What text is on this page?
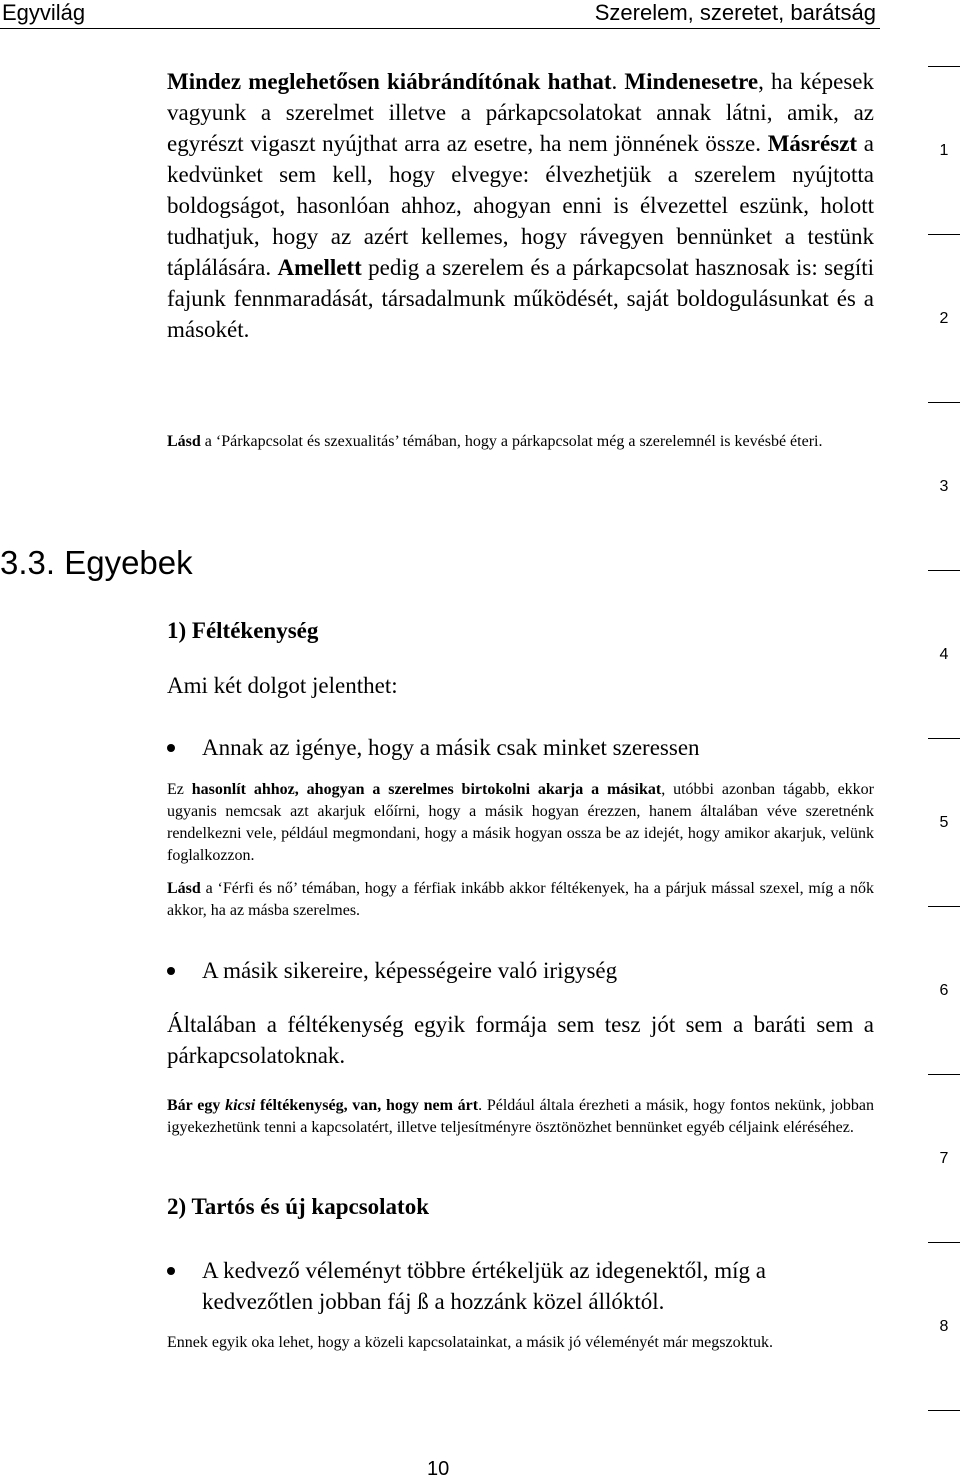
Egyvilág	Szerelem, szeretet, barátság

Mindez meglehetősen kiábrándítónak hathat. Mindenesetre, ha képesek vagyunk a szerelmet illetve a párkapcsolatokat annak látni, amik, az egyrészt vigaszt nyújthat arra az esetre, ha nem jönnének össze. Másrészt a kedvünket sem kell, hogy elvegye: élvezhetjük a szerelem nyújtotta boldogságot, hasonlóan ahhoz, ahogyan enni is élvezettel eszünk, holott tudhatjuk, hogy az azért kellemes, hogy rávegyen bennünket a testünk táplálására. Amellett pedig a szerelem és a párkapcsolat hasznosak is: segíti fajunk fennmaradását, társadalmunk működését, saját boldogulásunkat és a másokét.

Lásd a ‘Párkapcsolat és szexualitás’ témában, hogy a párkapcsolat még a szerelemnél is kevésbé éteri.

3.3. Egyebek
1) Féltékenység
Ami két dolgot jelenthet:
Annak az igénye, hogy a másik csak minket szeressen

Ez hasonlít ahhoz, ahogyan a szerelmes birtokolni akarja a másikat, utóbbi azonban tágabb, ekkor ugyanis nemcsak azt akarjuk előírni, hogy a másik hogyan érezzen, hanem általában véve szeretnénk rendelkezni vele, például megmondani, hogy a másik hogyan ossza be az idejét, hogy amikor akarjuk, velünk foglalkozzon.

Lásd a ‘Férfi és nő’ témában, hogy a férfiak inkább akkor féltékenyek, ha a párjuk mással szexel, míg a nők akkor, ha az másba szerelmes.

A másik sikereire, képességeire való irigység

Általában a féltékenység egyik formája sem tesz jót sem a baráti sem a párkapcsolatoknak.

Bár egy kicsi féltékenység, van, hogy nem árt. Például általa érezheti a másik, hogy fontos nekünk, jobban igyekezhetünk tenni a kapcsolatért, illetve teljesítményre ösztönözhet bennünket egyéb céljaink eléréséhez.

2) Tartós és új kapcsolatok
A kedvező véleményt többre értékeljük az idegenektől, míg a kedvezőtlen jobban fáj ß a hozzánk közel állóktól.

Ennek egyik oka lehet, hogy a közeli kapcsolatainkat, a másik jó véleményét már megszoktuk.

10
1
2
3
4
5
6
7
8
